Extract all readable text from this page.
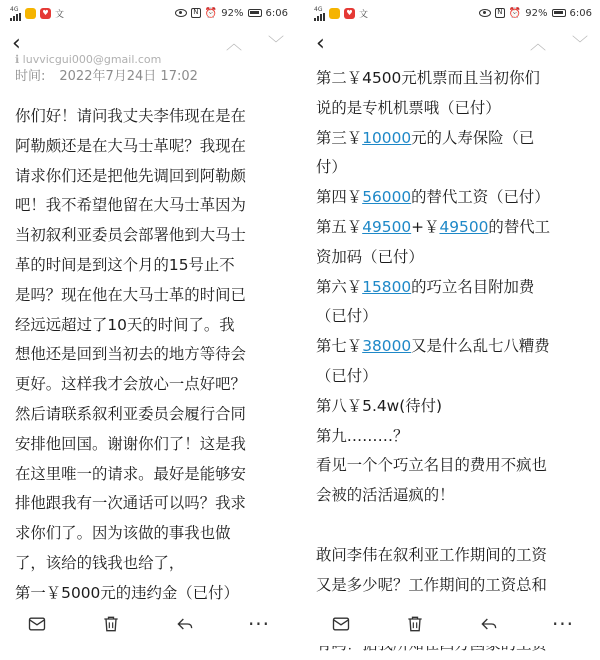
4G	♥ 文	N ⏰ 92% 6:06
‹	︿ ﹀
ℹ luvvicgui000@gmail.com
时间: 2022年7月24日 17:02
你们好！请问我丈夫李伟现在是在
阿勒颇还是在大马士革呢？我现在
请求你们还是把他先调回到阿勒颇
吧！我不希望他留在大马士革因为
当初叙利亚委员会部署他到大马士
革的时间是到这个月的15号止不
是吗？现在他在大马士革的时间已
经远远超过了10天的时间了。我
想他还是回到当初去的地方等待会
更好。这样我才会放心一点好吧？
然后请联系叙利亚委员会履行合同
安排他回国。谢谢你们了！这是我
在这里唯一的请求。最好是能够安
排他跟我有一次通话可以吗？我求
求你们了。因为该做的事我也做
了，该给的钱我也给了，
第一￥5000元的违约金（已付）
···
4G	♥ 文	N ⏰ 92% 6:06
‹	︿ ﹀
第二￥4500元机票而且当初你们
说的是专机机票哦（已付）
第三￥10000元的人寿保险（已
付）
第四￥56000的替代工资（已付）
第五￥49500+￥49500的替代工
资加码（已付）
第六￥15800的巧立名目附加费
（已付）
第七￥38000又是什么乱七八糟费
（已付）
第八￥5.4w(待付)
第九………？
看见一个个巧立名目的费用不疯也
会被的活活逼疯的！
敢问李伟在叙利亚工作期间的工资
又是多少呢？工作期间的工资总和
···
